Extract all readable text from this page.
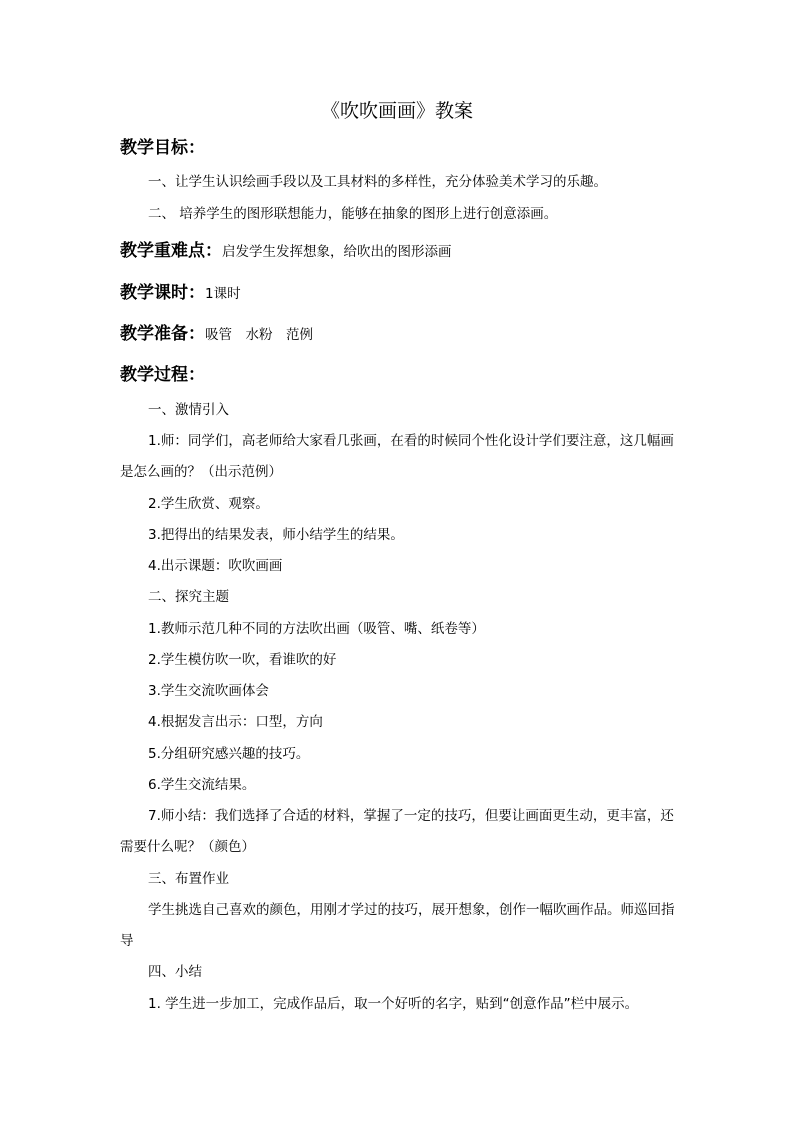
《吹吹画画》教案
教学目标：
一、让学生认识绘画手段以及工具材料的多样性，充分体验美术学习的乐趣。
二、 培养学生的图形联想能力，能够在抽象的图形上进行创意添画。
教学重难点：启发学生发挥想象，给吹出的图形添画
教学课时：1课时
教学准备：吸管　水粉　范例
教学过程：
一、激情引入
1.师：同学们，高老师给大家看几张画，在看的时候同个性化设计学们要注意，这几幅画是怎么画的？（出示范例）
2.学生欣赏、观察。
3.把得出的结果发表，师小结学生的结果。
4.出示课题：吹吹画画
二、探究主题
1.教师示范几种不同的方法吹出画（吸管、嘴、纸卷等）
2.学生模仿吹一吹，看谁吹的好
3.学生交流吹画体会
4.根据发言出示：口型，方向
5.分组研究感兴趣的技巧。
6.学生交流结果。
7.师小结：我们选择了合适的材料，掌握了一定的技巧，但要让画面更生动，更丰富，还需要什么呢？（颜色）
三、布置作业
学生挑选自己喜欢的颜色，用刚才学过的技巧，展开想象，创作一幅吹画作品。师巡回指导
四、小结
1. 学生进一步加工，完成作品后，取一个好听的名字，贴到“创意作品”栏中展示。
